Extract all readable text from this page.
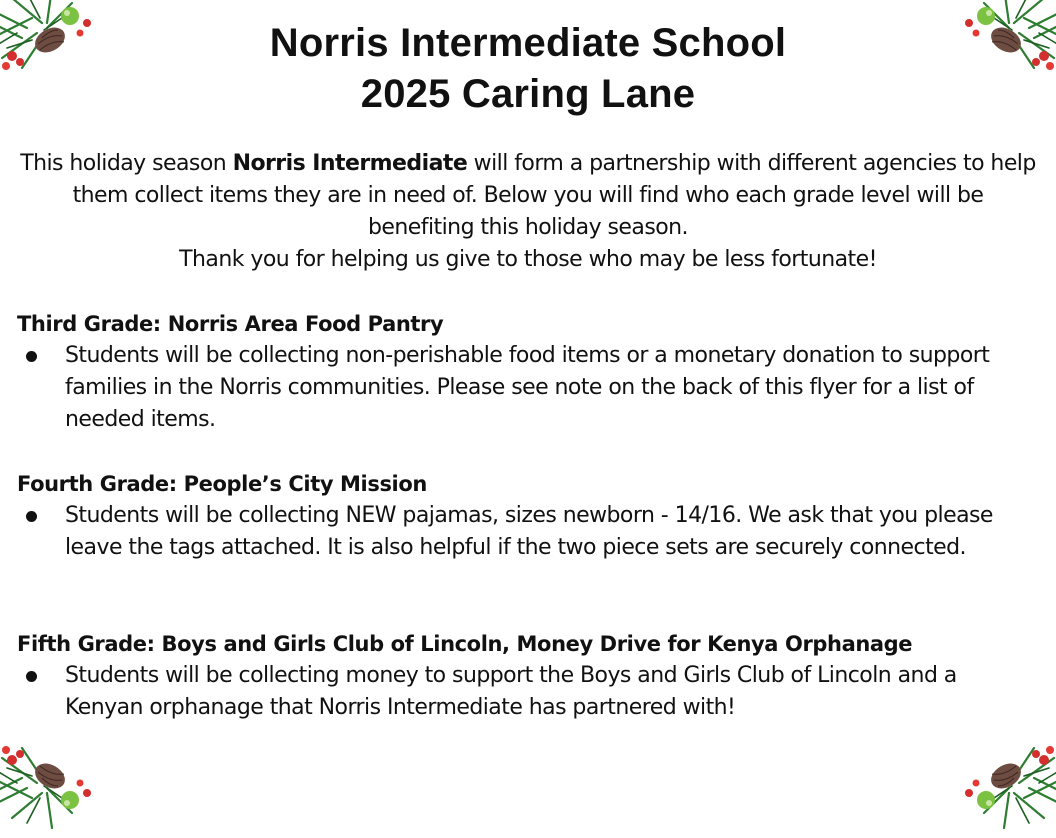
Norris Intermediate School
2025 Caring Lane
This holiday season Norris Intermediate will form a partnership with different agencies to help them collect items they are in need of. Below you will find who each grade level will be benefiting this holiday season.
Thank you for helping us give to those who may be less fortunate!
Third Grade: Norris Area Food Pantry
Students will be collecting non-perishable food items or a monetary donation to support families in the Norris communities. Please see note on the back of this flyer for a list of needed items.
Fourth Grade: People’s City Mission
Students will be collecting NEW pajamas, sizes newborn - 14/16. We ask that you please leave the tags attached. It is also helpful if the two piece sets are securely connected.
Fifth Grade: Boys and Girls Club of Lincoln, Money Drive for Kenya Orphanage
Students will be collecting money to support the Boys and Girls Club of Lincoln and a Kenyan orphanage that Norris Intermediate has partnered with!
